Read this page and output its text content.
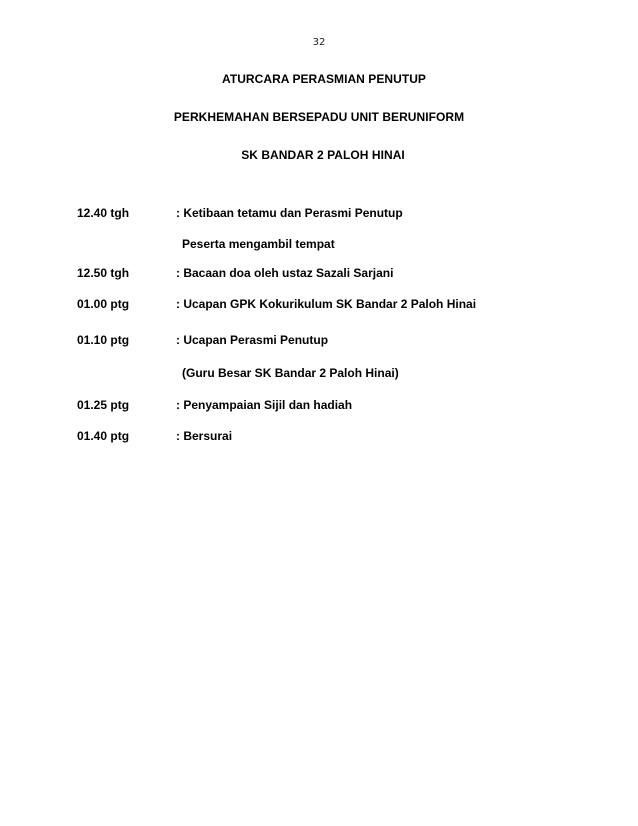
32
ATURCARA PERASMIAN PENUTUP
PERKHEMAHAN BERSEPADU UNIT BERUNIFORM
SK BANDAR 2 PALOH HINAI
12.40 tgh	: Ketibaan tetamu dan Perasmi Penutup
Peserta mengambil tempat
12.50 tgh	: Bacaan doa oleh ustaz Sazali Sarjani
01.00 ptg	: Ucapan GPK Kokurikulum SK Bandar 2 Paloh Hinai
01.10 ptg	: Ucapan Perasmi Penutup
(Guru Besar SK Bandar 2 Paloh Hinai)
01.25 ptg	: Penyampaian Sijil dan hadiah
01.40 ptg	: Bersurai
